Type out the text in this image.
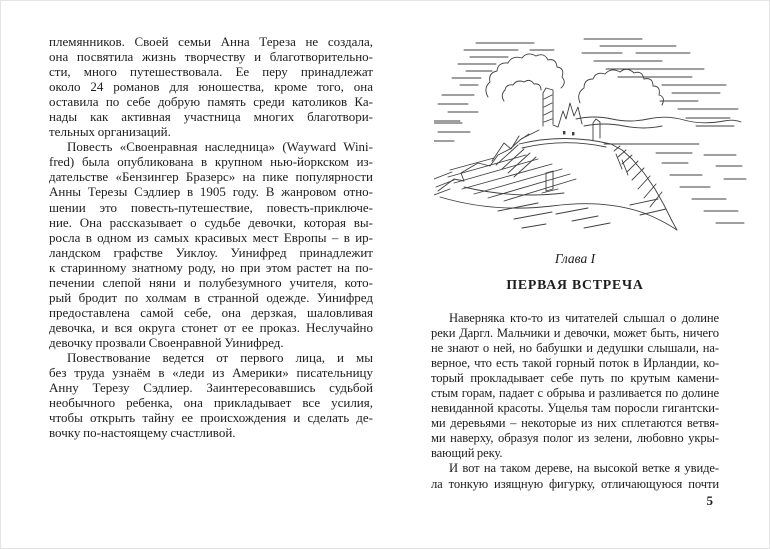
племянников. Своей семьи Анна Тереза не создала,
она посвятила жизнь творчеству и благотворительно-
сти, много путешествовала. Ее перу принадлежат
около 24 романов для юношества, кроме того, она
оставила по себе добрую память среди католиков Ка-
нады как активная участница многих благотвори-
тельных организаций.
Повесть «Своенравная наследница» (Wayward Wini-
fred) была опубликована в крупном нью-йоркском из-
дательстве «Бензингер Бразерс» на пике популярности
Анны Терезы Сэдлиер в 1905 году. В жанровом отно-
шении это повесть-путешествие, повесть-приключе-
ние. Она рассказывает о судьбе девочки, которая вы-
росла в одном из самых красивых мест Европы – в ир-
ландском графстве Уиклоу. Уинифред принадлежит
к старинному знатному роду, но при этом растет на по-
печении слепой няни и полубезумного учителя, кото-
рый бродит по холмам в странной одежде. Уинифред
предоставлена самой себе, она дерзкая, шаловливая
девочка, и вся округа стонет от ее проказ. Неслучайно
девочку прозвали Своенравной Уинифред.
Повествование ведется от первого лица, и мы
без труда узнаём в «леди из Америки» писательницу
Анну Терезу Сэдлиер. Заинтересовавшись судьбой
необычного ребенка, она прикладывает все усилия,
чтобы открыть тайну ее происхождения и сделать де-
вочку по-настоящему счастливой.
Глава I
ПЕРВАЯ ВСТРЕЧА
Наверняка кто-то из читателей слышал о долине
реки Даргл. Мальчики и девочки, может быть, ничего
не знают о ней, но бабушки и дедушки слышали, на-
верное, что есть такой горный поток в Ирландии, ко-
торый прокладывает себе путь по крутым камени-
стым горам, падает с обрыва и разливается по долине
невиданной красоты. Ущелья там поросли гигантски-
ми деревьями – некоторые из них сплетаются ветвя-
ми наверху, образуя полог из зелени, любовно укры-
вающий реку.
И вот на таком дереве, на высокой ветке я увиде-
ла тонкую изящную фигурку, отличающуюся почти
5
